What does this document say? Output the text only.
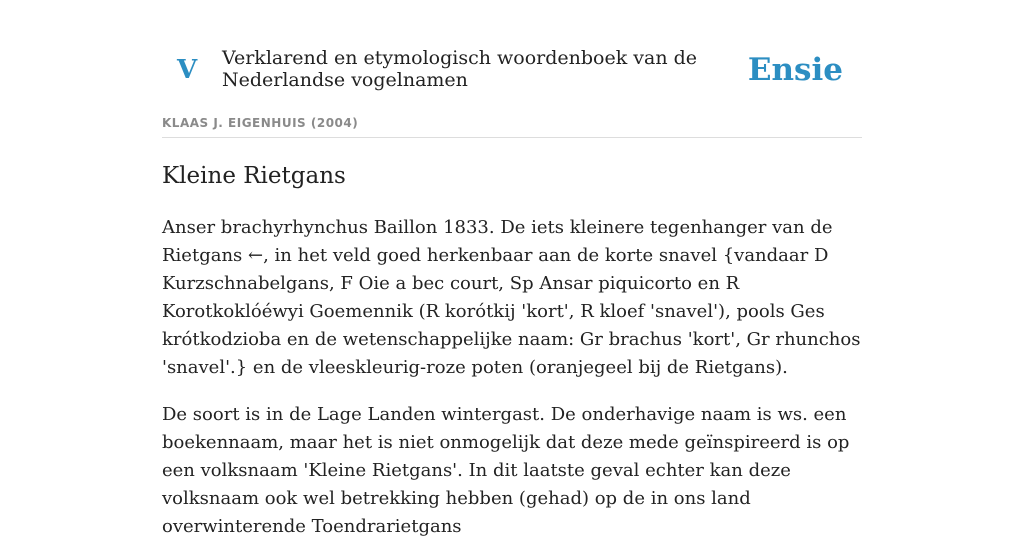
V Verklarend en etymologisch woordenboek van de Nederlandse vogelnamen	Ensie
KLAAS J. EIGENHUIS (2004)
Kleine Rietgans

Anser brachyrhynchus Baillon 1833. De iets kleinere tegenhanger van de Rietgans ←, in het veld goed herkenbaar aan de korte snavel {vandaar D Kurzschnabelgans, F Oie a bec court, Sp Ansar piquicorto en R Korotkoklóéwyi Goemennik (R korótkij 'kort', R kloef 'snavel'), pools Ges krótkodzioba en de wetenschappelijke naam: Gr brachus 'kort', Gr rhunchos 'snavel'.} en de vleeskleurig-roze poten (oranjegeel bij de Rietgans).

De soort is in de Lage Landen wintergast. De onderhavige naam is ws. een boekennaam, maar het is niet onmogelijk dat deze mede geïnspireerd is op een volksnaam 'Kleine Rietgans'. In dit laatste geval echter kan deze volksnaam ook wel betrekking hebben (gehad) op de in ons land overwinterende Toendrarietgans
